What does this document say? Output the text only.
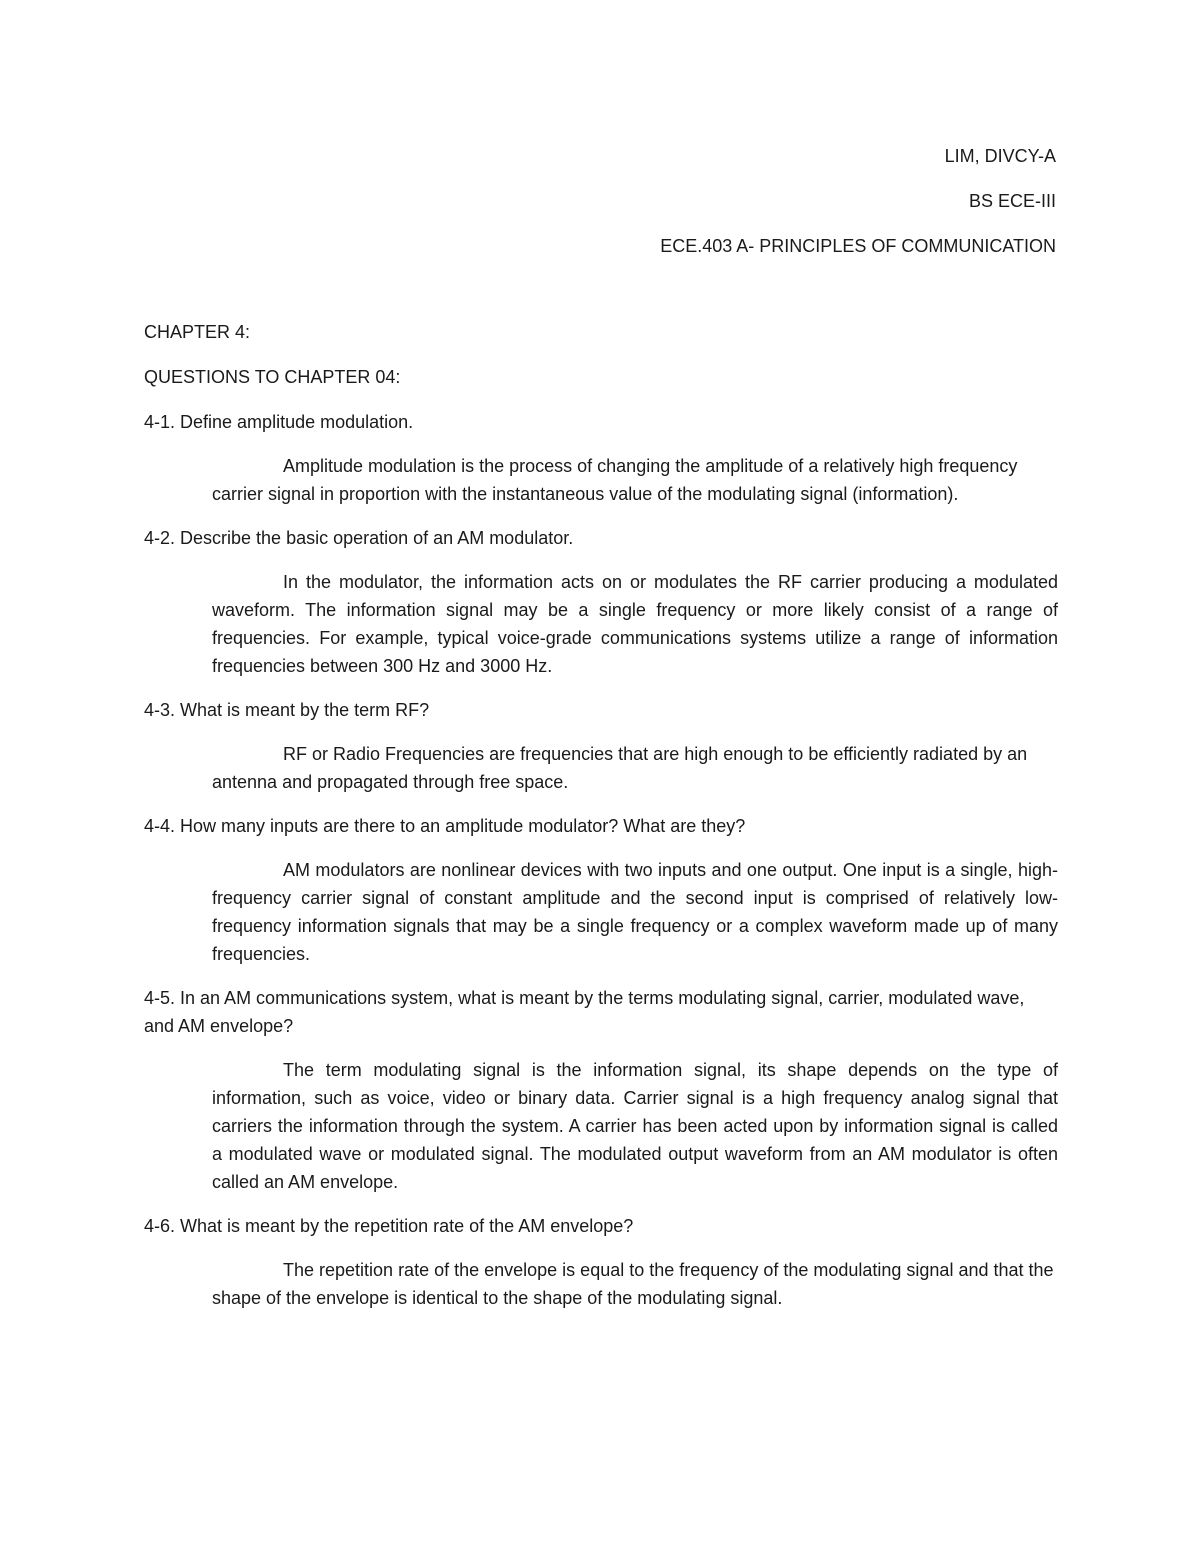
LIM, DIVCY-A
BS ECE-III
ECE.403 A- PRINCIPLES OF COMMUNICATION
CHAPTER 4:
QUESTIONS TO CHAPTER 04:
4-1. Define amplitude modulation.
Amplitude modulation is the process of changing the amplitude of a relatively high frequency carrier signal in proportion with the instantaneous value of the modulating signal (information).
4-2. Describe the basic operation of an AM modulator.
In the modulator, the information acts on or modulates the RF carrier producing a modulated waveform. The information signal may be a single frequency or more likely consist of a range of frequencies. For example, typical voice-grade communications systems utilize a range of information frequencies between 300 Hz and 3000 Hz.
4-3. What is meant by the term RF?
RF or Radio Frequencies are frequencies that are high enough to be efficiently radiated by an antenna and propagated through free space.
4-4. How many inputs are there to an amplitude modulator? What are they?
AM modulators are nonlinear devices with two inputs and one output. One input is a single, high-frequency carrier signal of constant amplitude and the second input is comprised of relatively low-frequency information signals that may be a single frequency or a complex waveform made up of many frequencies.
4-5. In an AM communications system, what is meant by the terms modulating signal, carrier, modulated wave, and AM envelope?
The term modulating signal is the information signal, its shape depends on the type of information, such as voice, video or binary data. Carrier signal is a high frequency analog signal that carriers the information through the system. A carrier has been acted upon by information signal is called a modulated wave or modulated signal. The modulated output waveform from an AM modulator is often called an AM envelope.
4-6. What is meant by the repetition rate of the AM envelope?
The repetition rate of the envelope is equal to the frequency of the modulating signal and that the shape of the envelope is identical to the shape of the modulating signal.
